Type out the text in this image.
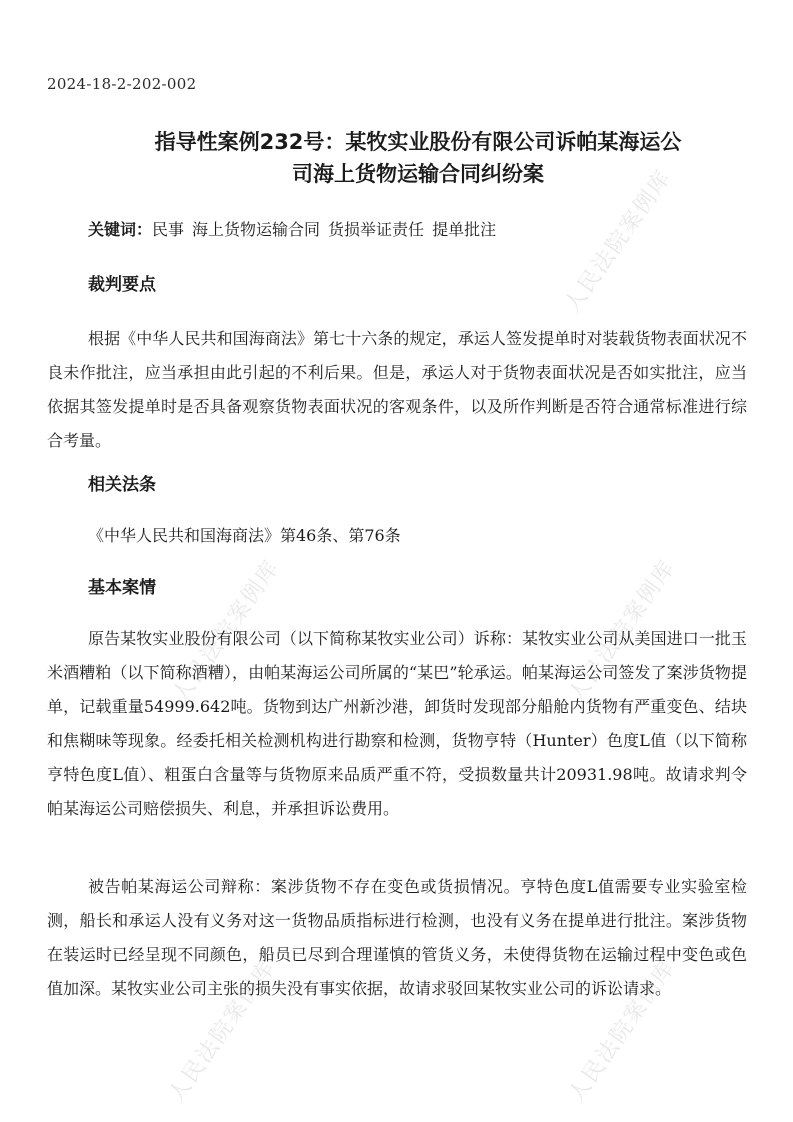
人民法院案例库
人民法院案例库	人民法院案例库
人民法院案例库	人民法院案例库
2024-18-2-202-002
指导性案例232号：某牧实业股份有限公司诉帕某海运公
司海上货物运输合同纠纷案
关键词：民事 海上货物运输合同 货损举证责任 提单批注
裁判要点
根据《中华人民共和国海商法》第七十六条的规定，承运人签发提单时对装载货物表面状况不良未作批注，应当承担由此引起的不利后果。但是，承运人对于货物表面状况是否如实批注，应当依据其签发提单时是否具备观察货物表面状况的客观条件，以及所作判断是否符合通常标准进行综合考量。
相关法条
《中华人民共和国海商法》第46条、第76条
基本案情
原告某牧实业股份有限公司（以下简称某牧实业公司）诉称：某牧实业公司从美国进口一批玉米酒糟粕（以下简称酒糟），由帕某海运公司所属的“某巴”轮承运。帕某海运公司签发了案涉货物提单，记载重量54999.642吨。货物到达广州新沙港，卸货时发现部分船舱内货物有严重变色、结块和焦糊味等现象。经委托相关检测机构进行勘察和检测，货物亨特（Hunter）色度L值（以下简称亨特色度L值）、粗蛋白含量等与货物原来品质严重不符，受损数量共计20931.98吨。故请求判令帕某海运公司赔偿损失、利息，并承担诉讼费用。
被告帕某海运公司辩称：案涉货物不存在变色或货损情况。亨特色度L值需要专业实验室检测，船长和承运人没有义务对这一货物品质指标进行检测，也没有义务在提单进行批注。案涉货物在装运时已经呈现不同颜色，船员已尽到合理谨慎的管货义务，未使得货物在运输过程中变色或色值加深。某牧实业公司主张的损失没有事实依据，故请求驳回某牧实业公司的诉讼请求。
